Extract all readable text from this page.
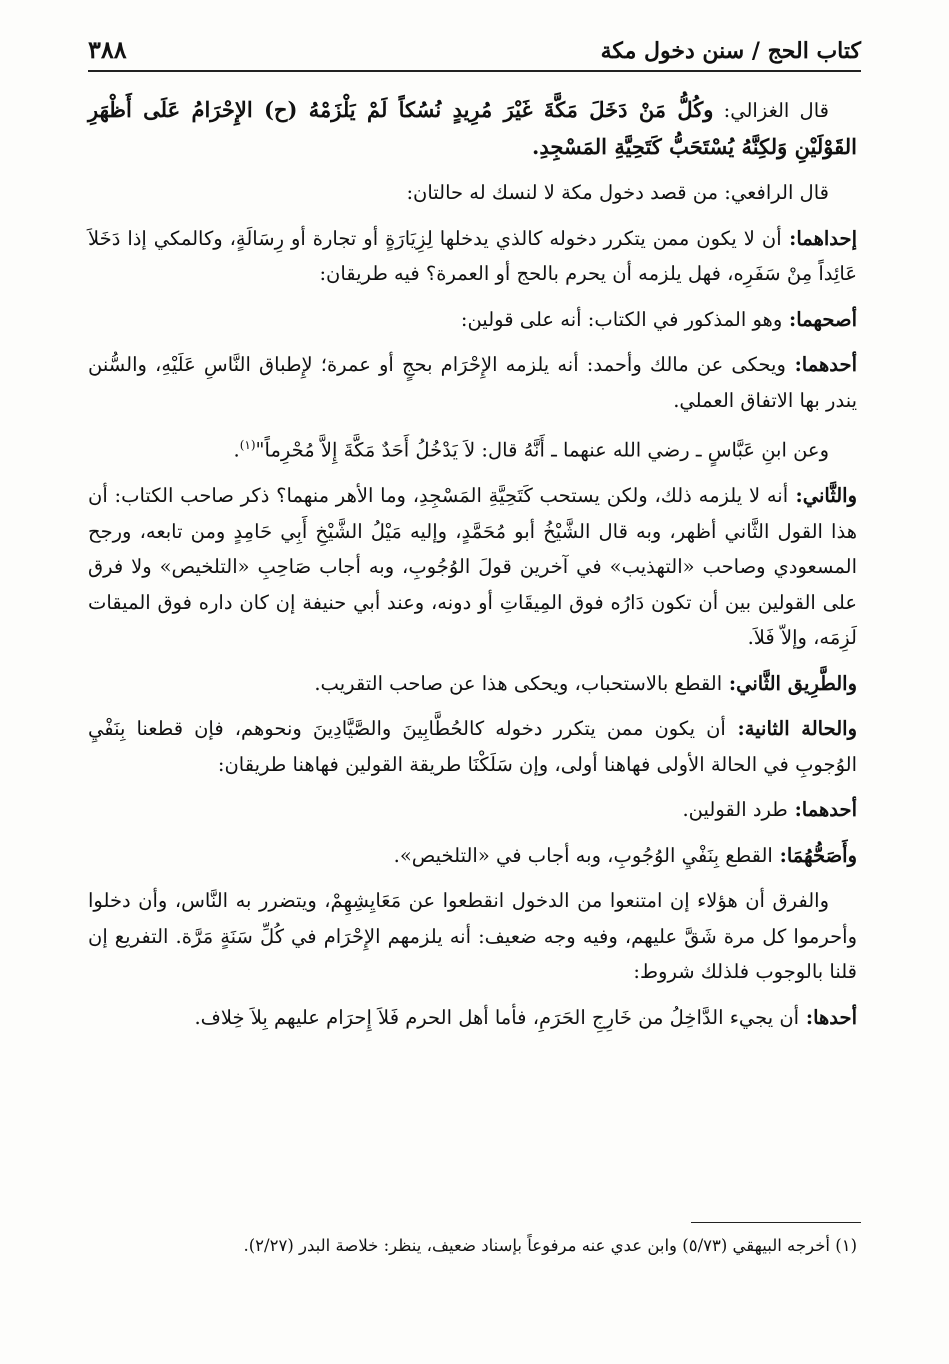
كتاب الحج / سنن دخول مكة
٣٨٨

قال الغزالي: وكُلُّ مَنْ دَخَلَ مَكَّةَ غَيْرَ مُرِيدٍ نُسُكاً لَمْ يَلْزَمْهُ (ح) الإِحْرَامُ عَلَى أَظْهَرِ القَوْلَيْنِ وَلكِنَّهُ يُسْتَحَبُّ كَتَحِيَّةِ المَسْجِدِ.

قال الرافعي: من قصد دخول مكة لا لنسك له حالتان:

إحداهما: أن لا يكون ممن يتكرر دخوله كالذي يدخلها لِزِيَارَةٍ أو تجارة أو رِسَالَةٍ، وكالمكي إذا دَخَلاَ عَائِداً مِنْ سَفَرِه، فهل يلزمه أن يحرم بالحج أو العمرة؟ فيه طريقان:

أصحهما: وهو المذكور في الكتاب: أنه على قولين:

أحدهما: ويحكى عن مالك وأحمد: أنه يلزمه الإِحْرَام بحجٍ أو عمرة؛ لإِطباق النَّاسِ عَلَيْهِ، والسُّنن يندر بها الاتفاق العملي.

وعن ابنِ عَبَّاسٍ ـ رضي الله عنهما ـ أَنَّهُ قال: لاَ يَدْخُلُ أَحَدٌ مَكَّةَ إِلاَّ مُحْرِماً"$^{(١)}$.

والثَّاني: أنه لا يلزمه ذلك، ولكن يستحب كَتَحِيَّةِ المَسْجِدِ، وما الأهر منهما؟ ذكر صاحب الكتاب: أن هذا القول الثَّاني أظهر، وبه قال الشَّيْخُ أبو مُحَمَّدٍ، وإليه مَيْلُ الشَّيْخِ أَبِي حَامِدٍ ومن تابعه، ورجح المسعودي وصاحب «التهذيب» في آخرين قولَ الوُجُوبِ، وبه أجاب صَاحِبِ «التلخيص» ولا فرق على القولين بين أن تكون دَارُه فوق المِيقَاتِ أو دونه، وعند أبي حنيفة إن كان داره فوق الميقات لَزِمَه، وإلاّ فَلاَ.

والطَّرِيق الثَّاني: القطع بالاستحباب، ويحكى هذا عن صاحب التقريب.

والحالة الثانية: أن يكون ممن يتكرر دخوله كالحُطَّابِينَ والصَّيَّادِينَ ونحوهم، فإن قطعنا بِنَفْيِ الوُجوبِ في الحالة الأولى فهاهنا أولى، وإن سَلَكْنَا طريقة القولين فهاهنا طريقان:

أحدهما: طرد القولين.

وأَصَحُّهُمَا: القطع بِنَفْيِ الوُجُوبِ، وبه أجاب في «التلخيص».

والفرق أن هؤلاء إن امتنعوا من الدخول انقطعوا عن مَعَايِشِهِمْ، ويتضرر به النَّاس، وأن دخلوا وأحرموا كل مرة شَقَّ عليهم، وفيه وجه ضعيف: أنه يلزمهم الإِحْرَام في كُلِّ سَنَةٍ مَرَّة. التفريع إن قلنا بالوجوب فلذلك شروط:

أحدها: أن يجيء الدَّاخِلُ من خَارِجِ الحَرَمِ، فأما أهل الحرم فَلاَ إِحرَام عليهم بِلاَ خِلاف.

(١) أخرجه البيهقي (٥/٧٣) وابن عدي عنه مرفوعاً بإسناد ضعيف، ينظر: خلاصة البدر (٢/٢٧).
